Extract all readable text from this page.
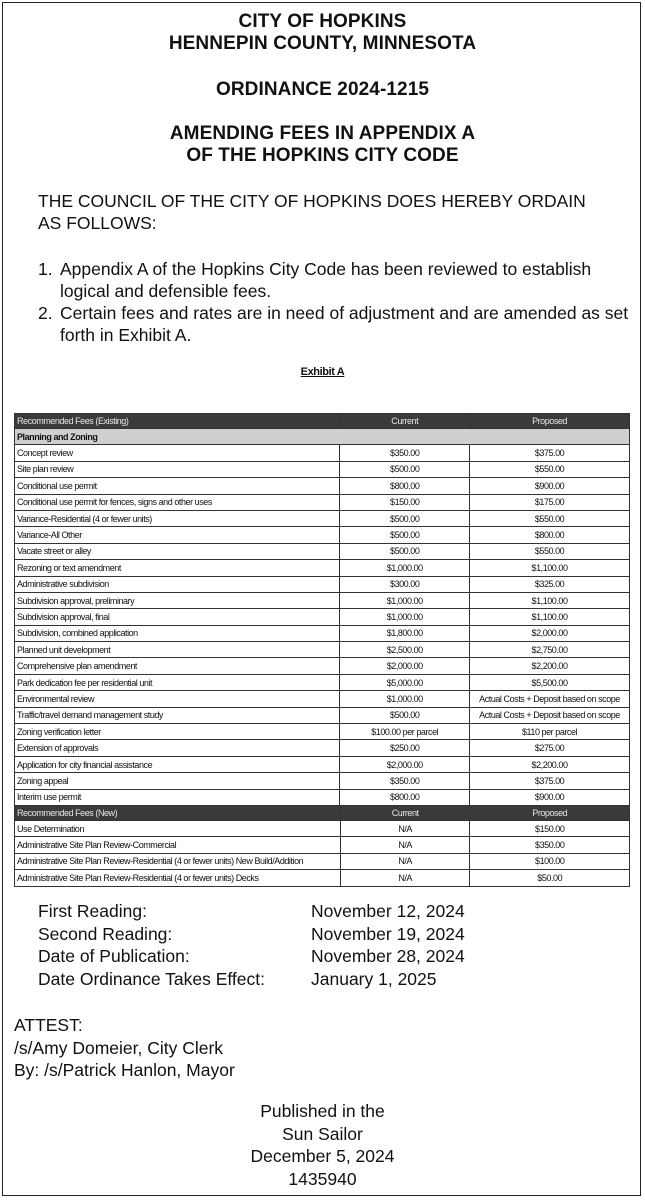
CITY OF HOPKINS
HENNEPIN COUNTY, MINNESOTA
ORDINANCE 2024-1215
AMENDING FEES IN APPENDIX A
OF THE HOPKINS CITY CODE
THE COUNCIL OF THE CITY OF HOPKINS DOES HEREBY ORDAIN
AS FOLLOWS:
1. Appendix A of the Hopkins City Code has been reviewed to establish logical and defensible fees.
2. Certain fees and rates are in need of adjustment and are amended as set forth in Exhibit A.
Exhibit A
Recommended Fees (Existing)	Current	Proposed
Planning and Zoning		
Concept review	$350.00	$375.00
Site plan review	$500.00	$550.00
Conditional use permit	$800.00	$900.00
Conditional use permit for fences, signs and other uses	$150.00	$175.00
Variance-Residential (4 or fewer units)	$500.00	$550.00
Variance-All Other	$500.00	$800.00
Vacate street or alley	$500.00	$550.00
Rezoning or text amendment	$1,000.00	$1,100.00
Administrative subdivision	$300.00	$325.00
Subdivision approval, preliminary	$1,000.00	$1,100.00
Subdivision approval, final	$1,000.00	$1,100.00
Subdivision, combined application	$1,800.00	$2,000.00
Planned unit development	$2,500.00	$2,750.00
Comprehensive plan amendment	$2,000.00	$2,200.00
Park dedication fee per residential unit	$5,000.00	$5,500.00
Environmental review	$1,000.00	Actual Costs + Deposit based on scope
Traffic/travel demand management study	$500.00	Actual Costs + Deposit based on scope
Zoning verification letter	$100.00 per parcel	$110 per parcel
Extension of approvals	$250.00	$275.00
Application for city financial assistance	$2,000.00	$2,200.00
Zoning appeal	$350.00	$375.00
Interim use permit	$800.00	$900.00
Recommended Fees (New)	Current	Proposed
Use Determination	N/A	$150.00
Administrative Site Plan Review-Commercial	N/A	$350.00
Administrative Site Plan Review-Residential (4 or fewer units) New Build/Addition	N/A	$100.00
Administrative Site Plan Review-Residential (4 or fewer units) Decks	N/A	$50.00
First Reading:	November 12, 2024
Second Reading:	November 19, 2024
Date of Publication:	November 28, 2024
Date Ordinance Takes Effect:	January 1, 2025
ATTEST:
/s/Amy Domeier, City Clerk
By: /s/Patrick Hanlon, Mayor
Published in the
Sun Sailor
December 5, 2024
1435940
